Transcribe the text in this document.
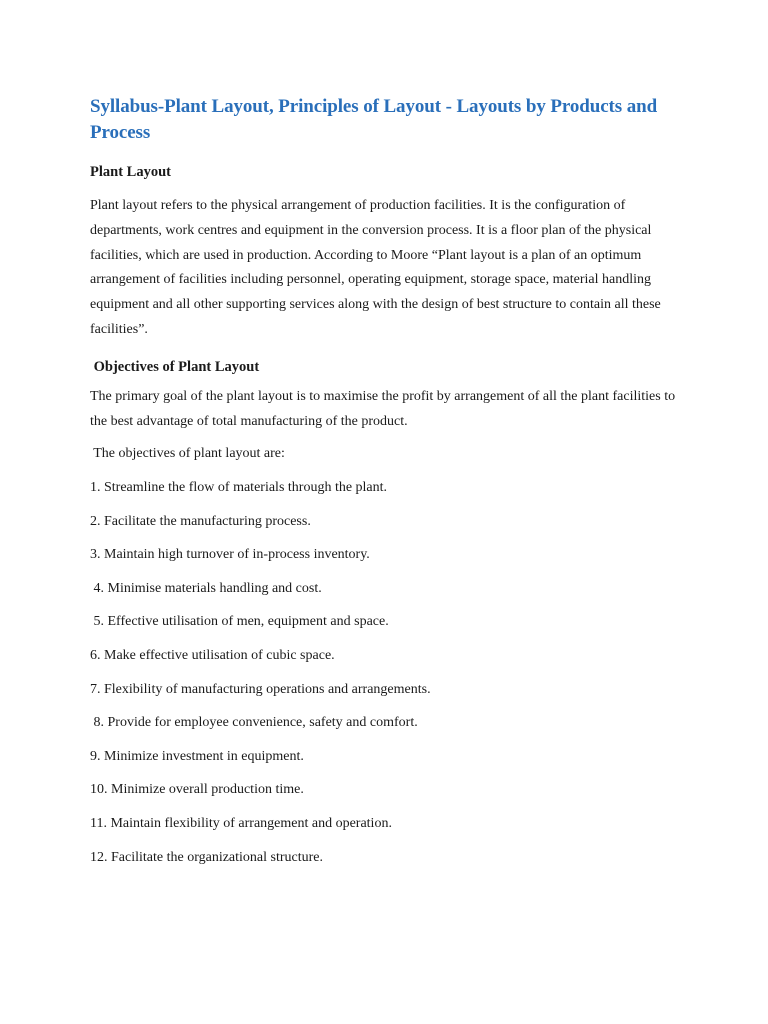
Syllabus-Plant Layout, Principles of Layout - Layouts by Products and Process
Plant Layout

Plant layout refers to the physical arrangement of production facilities. It is the configuration of departments, work centres and equipment in the conversion process. It is a floor plan of the physical facilities, which are used in production. According to Moore “Plant layout is a plan of an optimum arrangement of facilities including personnel, operating equipment, storage space, material handling equipment and all other supporting services along with the design of best structure to contain all these facilities”.

Objectives of Plant Layout

The primary goal of the plant layout is to maximise the profit by arrangement of all the plant facilities to the best advantage of total manufacturing of the product.

The objectives of plant layout are:

1. Streamline the flow of materials through the plant.
2. Facilitate the manufacturing process.
3. Maintain high turnover of in-process inventory.
4. Minimise materials handling and cost.
5. Effective utilisation of men, equipment and space.
6. Make effective utilisation of cubic space.
7. Flexibility of manufacturing operations and arrangements.
8. Provide for employee convenience, safety and comfort.
9. Minimize investment in equipment.
10. Minimize overall production time.
11. Maintain flexibility of arrangement and operation.
12. Facilitate the organizational structure.
